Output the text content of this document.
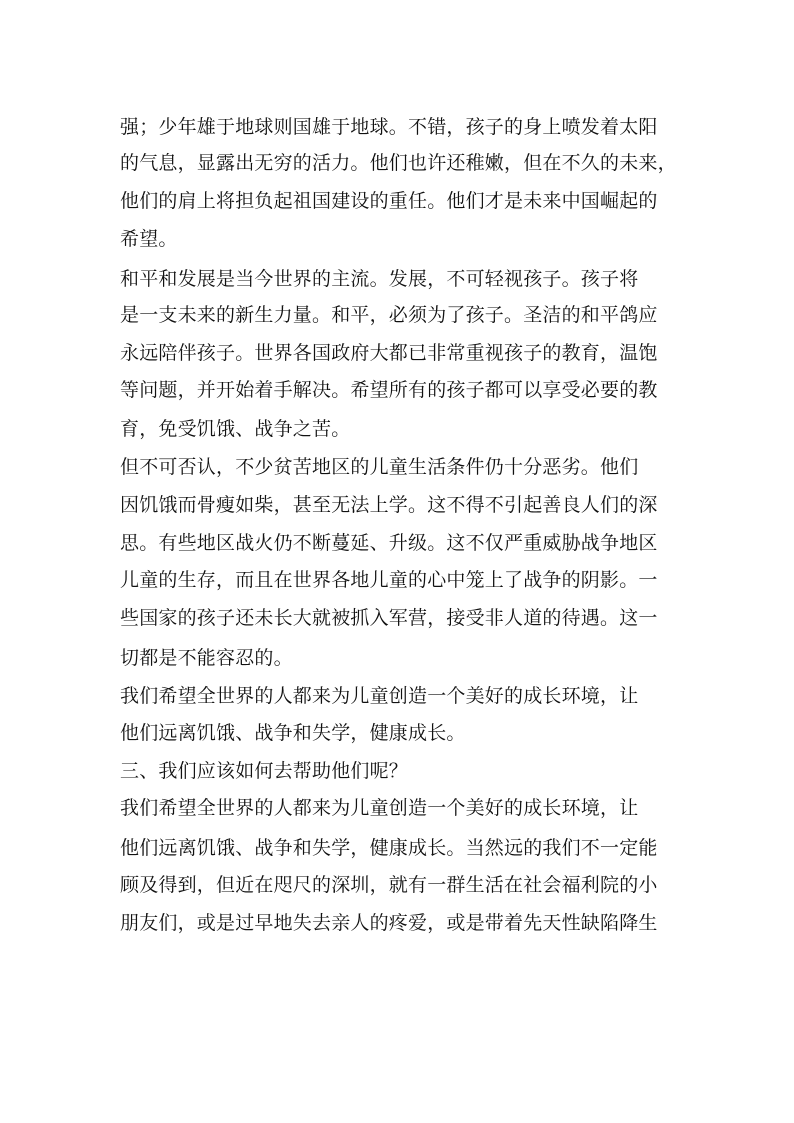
强；少年雄于地球则国雄于地球。不错，孩子的身上喷发着太阳
的气息，显露出无穷的活力。他们也许还稚嫩，但在不久的未来，
他们的肩上将担负起祖国建设的重任。他们才是未来中国崛起的
希望。
和平和发展是当今世界的主流。发展，不可轻视孩子。孩子将
是一支未来的新生力量。和平，必须为了孩子。圣洁的和平鸽应
永远陪伴孩子。世界各国政府大都已非常重视孩子的教育，温饱
等问题，并开始着手解决。希望所有的孩子都可以享受必要的教
育，免受饥饿、战争之苦。
但不可否认，不少贫苦地区的儿童生活条件仍十分恶劣。他们
因饥饿而骨瘦如柴，甚至无法上学。这不得不引起善良人们的深
思。有些地区战火仍不断蔓延、升级。这不仅严重威胁战争地区
儿童的生存，而且在世界各地儿童的心中笼上了战争的阴影。一
些国家的孩子还未长大就被抓入军营，接受非人道的待遇。这一
切都是不能容忍的。
我们希望全世界的人都来为儿童创造一个美好的成长环境，让
他们远离饥饿、战争和失学，健康成长。
三、我们应该如何去帮助他们呢？
我们希望全世界的人都来为儿童创造一个美好的成长环境，让
他们远离饥饿、战争和失学，健康成长。当然远的我们不一定能
顾及得到，但近在咫尺的深圳，就有一群生活在社会福利院的小
朋友们，或是过早地失去亲人的疼爱，或是带着先天性缺陷降生
